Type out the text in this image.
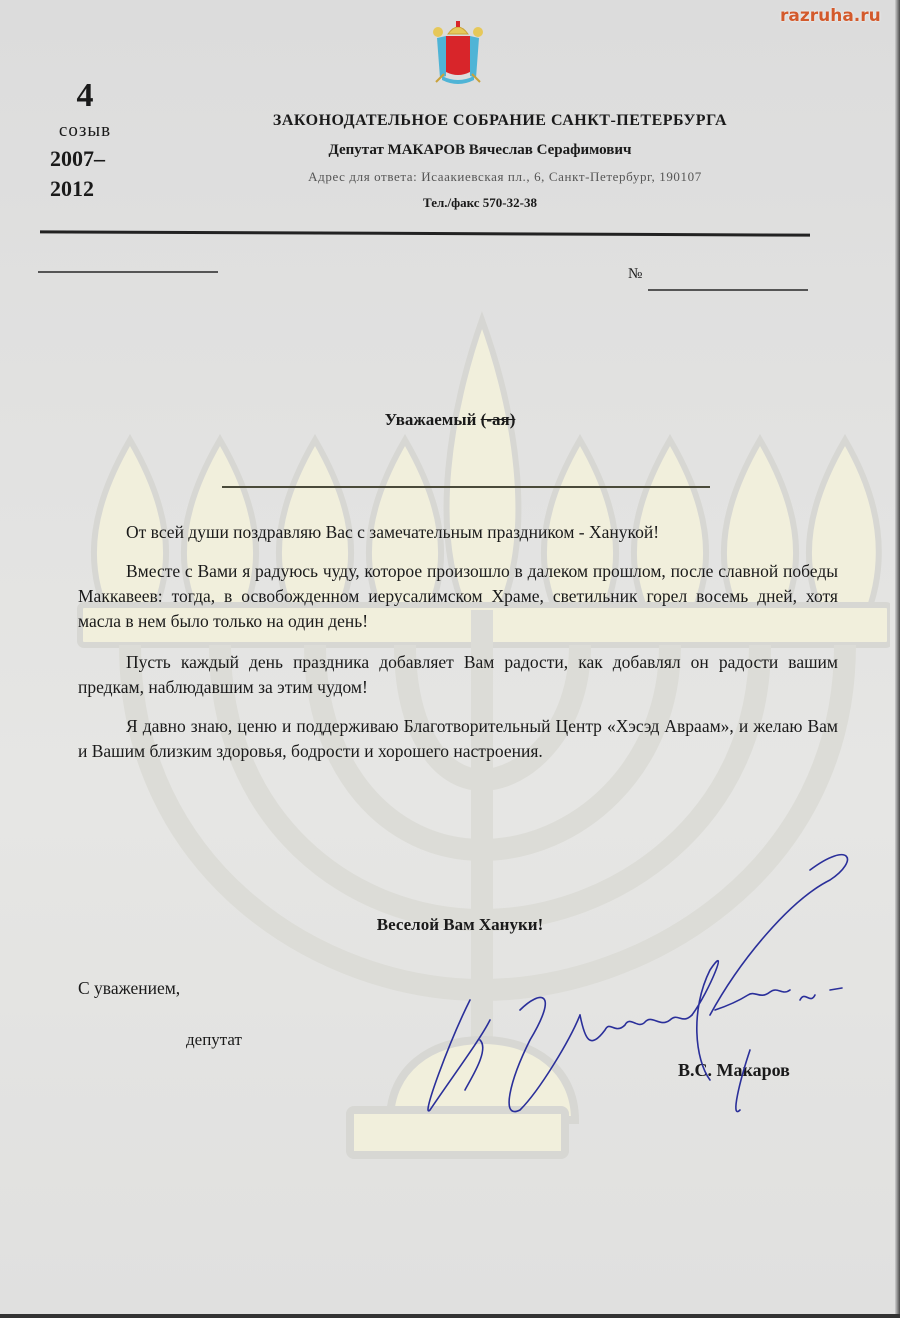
razruha.ru
4
созыв
2007–
2012
ЗАКОНОДАТЕЛЬНОЕ СОБРАНИЕ САНКТ-ПЕТЕРБУРГА
Депутат МАКАРОВ Вячеслав Серафимович
Адрес для ответа: Исаакиевская пл., 6, Санкт-Петербург, 190107
Тел./факс 570-32-38
№
Уважаемый (-ая)

От всей души поздравляю Вас с замечательным праздником - Ханукой!

Вместе с Вами я радуюсь чуду, которое произошло в далеком прошлом, после славной победы Маккавеев: тогда, в освобожденном иерусалимском Храме, светильник горел восемь дней, хотя масла в нем было только на один день!

Пусть каждый день праздника добавляет Вам радости, как добавлял он радости вашим предкам, наблюдавшим за этим чудом!

Я давно знаю, ценю и поддерживаю Благотворительный Центр «Хэсэд Авраам», и желаю Вам и Вашим близким здоровья, бодрости и хорошего настроения.

Веселой Вам Хануки!
С уважением,
депутат
В.С. Макаров
